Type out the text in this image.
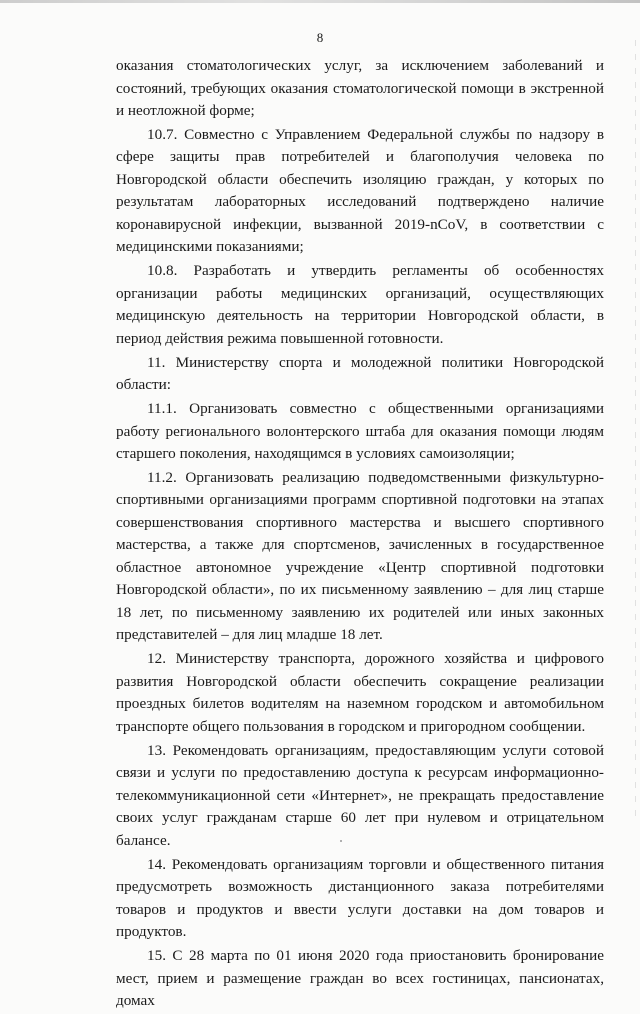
8

оказания стоматологических услуг, за исключением заболеваний и состояний, требующих оказания стоматологической помощи в экстренной и неотложной форме;

10.7. Совместно с Управлением Федеральной службы по надзору в сфере защиты прав потребителей и благополучия человека по Новгородской области обеспечить изоляцию граждан, у которых по результатам лабораторных исследований подтверждено наличие коронавирусной инфекции, вызванной 2019-nCoV, в соответствии с медицинскими показаниями;

10.8. Разработать и утвердить регламенты об особенностях организации работы медицинских организаций, осуществляющих медицинскую деятельность на территории Новгородской области, в период действия режима повышенной готовности.

11. Министерству спорта и молодежной политики Новгородской области:

11.1. Организовать совместно с общественными организациями работу регионального волонтерского штаба для оказания помощи людям старшего поколения, находящимся в условиях самоизоляции;

11.2. Организовать реализацию подведомственными физкультурно-спортивными организациями программ спортивной подготовки на этапах совершенствования спортивного мастерства и высшего спортивного мастерства, а также для спортсменов, зачисленных в государственное областное автономное учреждение «Центр спортивной подготовки Новгородской области», по их письменному заявлению – для лиц старше 18 лет, по письменному заявлению их родителей или иных законных представителей – для лиц младше 18 лет.

12. Министерству транспорта, дорожного хозяйства и цифрового развития Новгородской области обеспечить сокращение реализации проездных билетов водителям на наземном городском и автомобильном транспорте общего пользования в городском и пригородном сообщении.

13. Рекомендовать организациям, предоставляющим услуги сотовой связи и услуги по предоставлению доступа к ресурсам информационно-телекоммуникационной сети «Интернет», не прекращать предоставление своих услуг гражданам старше 60 лет при нулевом и отрицательном балансе.

14. Рекомендовать организациям торговли и общественного питания предусмотреть возможность дистанционного заказа потребителями товаров и продуктов и ввести услуги доставки на дом товаров и продуктов.

15. С 28 марта по 01 июня 2020 года приостановить бронирование мест, прием и размещение граждан во всех гостиницах, пансионатах, домах
